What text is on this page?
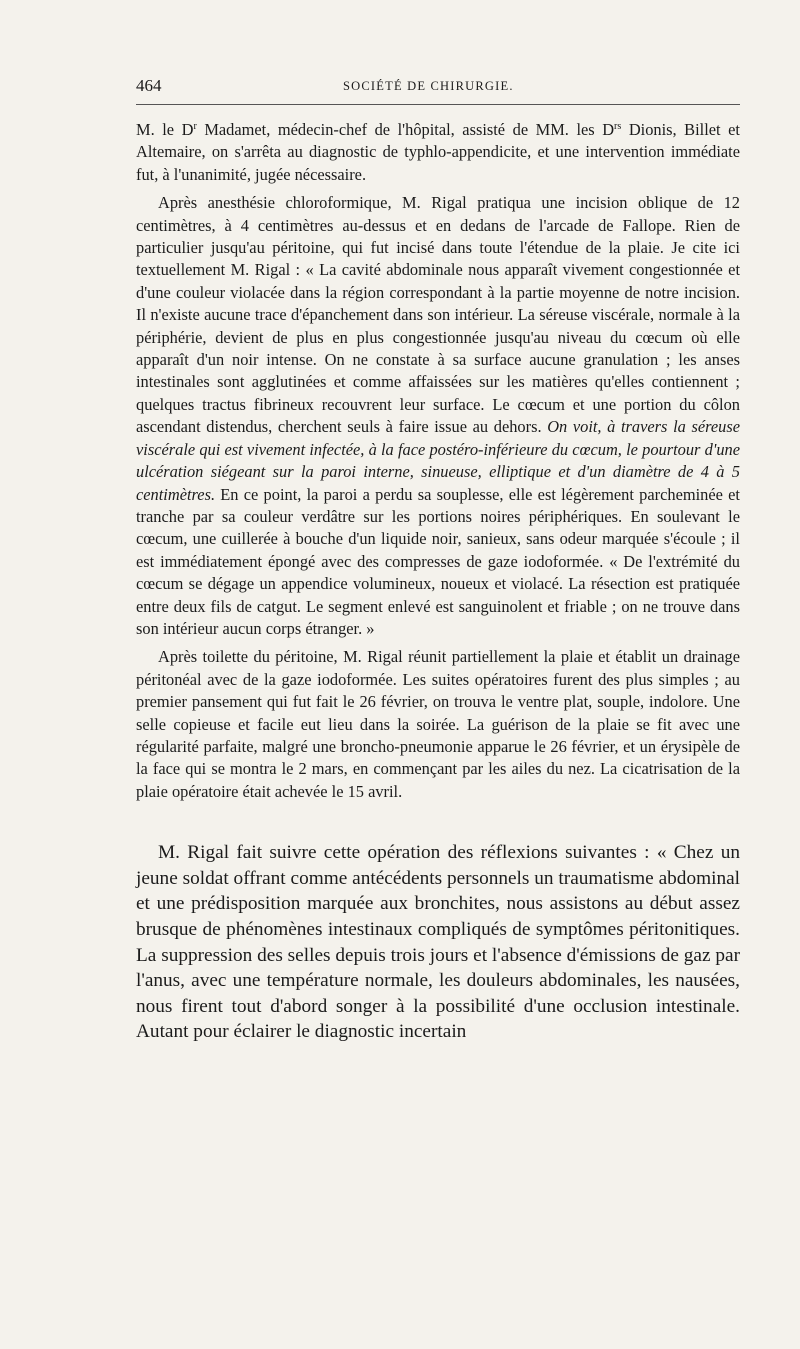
464	SOCIÉTÉ DE CHIRURGIE.

M. le $D^r$ Madamet, médecin-chef de l'hôpital, assisté de MM. les $D^{rs}$ Dionis, Billet et Altemaire, on s'arrêta au diagnostic de typhlo-appendicite, et une intervention immédiate fut, à l'unanimité, jugée nécessaire.

Après anesthésie chloroformique, M. Rigal pratiqua une incision oblique de 12 centimètres, à 4 centimètres au-dessus et en dedans de l'arcade de Fallope. Rien de particulier jusqu'au péritoine, qui fut incisé dans toute l'étendue de la plaie. Je cite ici textuellement M. Rigal : « La cavité abdominale nous apparaît vivement congestionnée et d'une couleur violacée dans la région correspondant à la partie moyenne de notre incision. Il n'existe aucune trace d'épanchement dans son intérieur. La séreuse viscérale, normale à la périphérie, devient de plus en plus congestionnée jusqu'au niveau du cœcum où elle apparaît d'un noir intense. On ne constate à sa surface aucune granulation ; les anses intestinales sont agglutinées et comme affaissées sur les matières qu'elles contiennent ; quelques tractus fibrineux recouvrent leur surface. Le cœcum et une portion du côlon ascendant distendus, cherchent seuls à faire issue au dehors. On voit, à travers la séreuse viscérale qui est vivement infectée, à la face postéro-inférieure du cœcum, le pourtour d'une ulcération siégeant sur la paroi interne, sinueuse, elliptique et d'un diamètre de 4 à 5 centimètres. En ce point, la paroi a perdu sa souplesse, elle est légèrement parcheminée et tranche par sa couleur verdâtre sur les portions noires périphériques. En soulevant le cœcum, une cuillerée à bouche d'un liquide noir, sanieux, sans odeur marquée s'écoule ; il est immédiatement épongé avec des compresses de gaze iodoformée. « De l'extrémité du cœcum se dégage un appendice volumineux, noueux et violacé. La résection est pratiquée entre deux fils de catgut. Le segment enlevé est sanguinolent et friable ; on ne trouve dans son intérieur aucun corps étranger. »

Après toilette du péritoine, M. Rigal réunit partiellement la plaie et établit un drainage péritonéal avec de la gaze iodoformée. Les suites opératoires furent des plus simples ; au premier pansement qui fut fait le 26 février, on trouva le ventre plat, souple, indolore. Une selle copieuse et facile eut lieu dans la soirée. La guérison de la plaie se fit avec une régularité parfaite, malgré une broncho-pneumonie apparue le 26 février, et un érysipèle de la face qui se montra le 2 mars, en commençant par les ailes du nez. La cicatrisation de la plaie opératoire était achevée le 15 avril.

M. Rigal fait suivre cette opération des réflexions suivantes : « Chez un jeune soldat offrant comme antécédents personnels un traumatisme abdominal et une prédisposition marquée aux bronchites, nous assistons au début assez brusque de phénomènes intestinaux compliqués de symptômes péritonitiques. La suppression des selles depuis trois jours et l'absence d'émissions de gaz par l'anus, avec une température normale, les douleurs abdominales, les nausées, nous firent tout d'abord songer à la possibilité d'une occlusion intestinale. Autant pour éclairer le diagnostic incertain
